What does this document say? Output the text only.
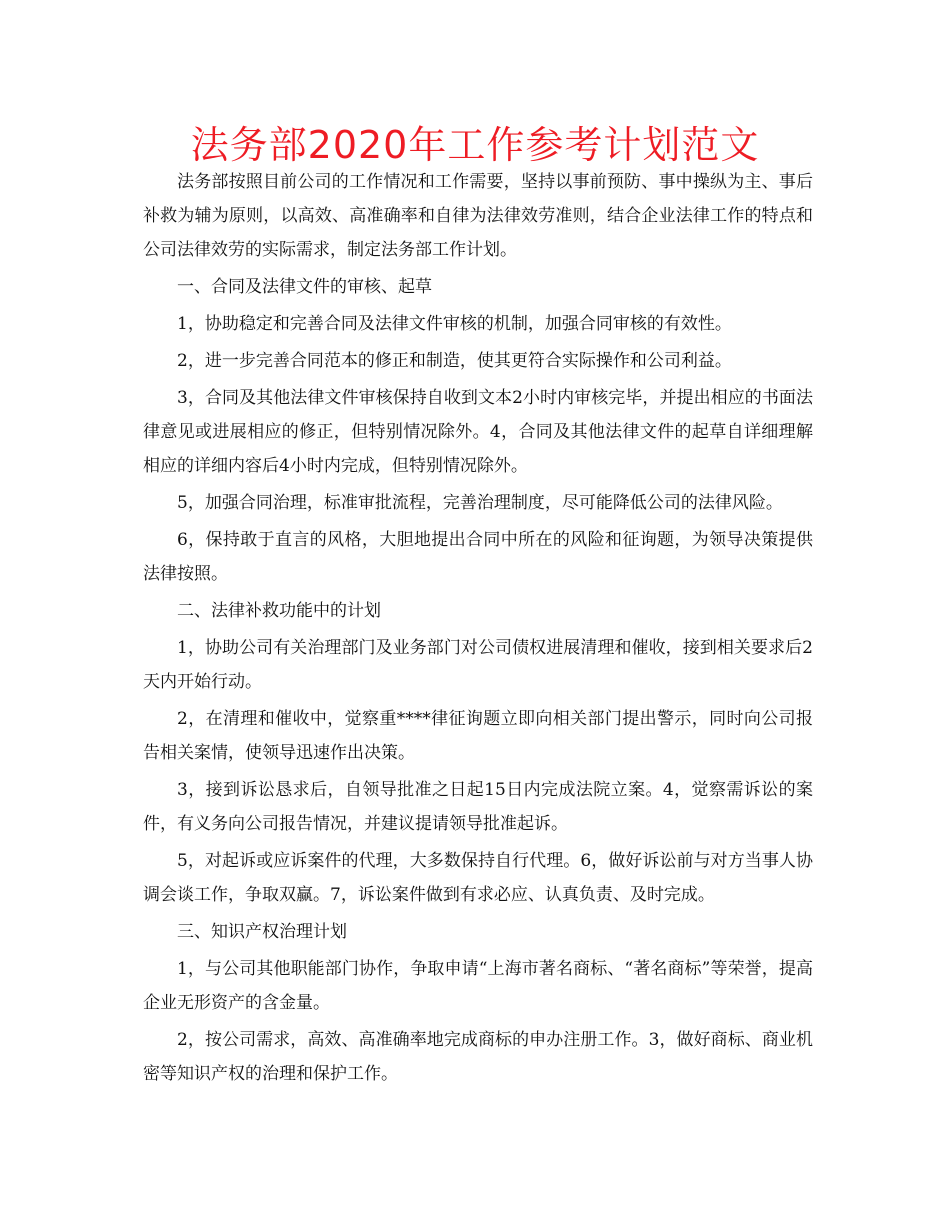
法务部2020年工作参考计划范文

法务部按照目前公司的工作情况和工作需要，坚持以事前预防、事中操纵为主、事后补救为辅为原则，以高效、高准确率和自律为法律效劳准则，结合企业法律工作的特点和公司法律效劳的实际需求，制定法务部工作计划。

一、合同及法律文件的审核、起草

1，协助稳定和完善合同及法律文件审核的机制，加强合同审核的有效性。

2，进一步完善合同范本的修正和制造，使其更符合实际操作和公司利益。

3，合同及其他法律文件审核保持自收到文本2小时内审核完毕，并提出相应的书面法律意见或进展相应的修正，但特别情况除外。4，合同及其他法律文件的起草自详细理解相应的详细内容后4小时内完成，但特别情况除外。

5，加强合同治理，标准审批流程，完善治理制度，尽可能降低公司的法律风险。

6，保持敢于直言的风格，大胆地提出合同中所在的风险和征询题，为领导决策提供法律按照。

二、法律补救功能中的计划

1，协助公司有关治理部门及业务部门对公司债权进展清理和催收，接到相关要求后2天内开始行动。

2，在清理和催收中，觉察重****律征询题立即向相关部门提出警示，同时向公司报告相关案情，使领导迅速作出决策。

3，接到诉讼恳求后，自领导批准之日起15日内完成法院立案。4，觉察需诉讼的案件，有义务向公司报告情况，并建议提请领导批准起诉。

5，对起诉或应诉案件的代理，大多数保持自行代理。6，做好诉讼前与对方当事人协调会谈工作，争取双赢。7，诉讼案件做到有求必应、认真负责、及时完成。

三、知识产权治理计划

1，与公司其他职能部门协作，争取申请“上海市著名商标、“著名商标”等荣誉，提高企业无形资产的含金量。

2，按公司需求，高效、高准确率地完成商标的申办注册工作。3，做好商标、商业机密等知识产权的治理和保护工作。
